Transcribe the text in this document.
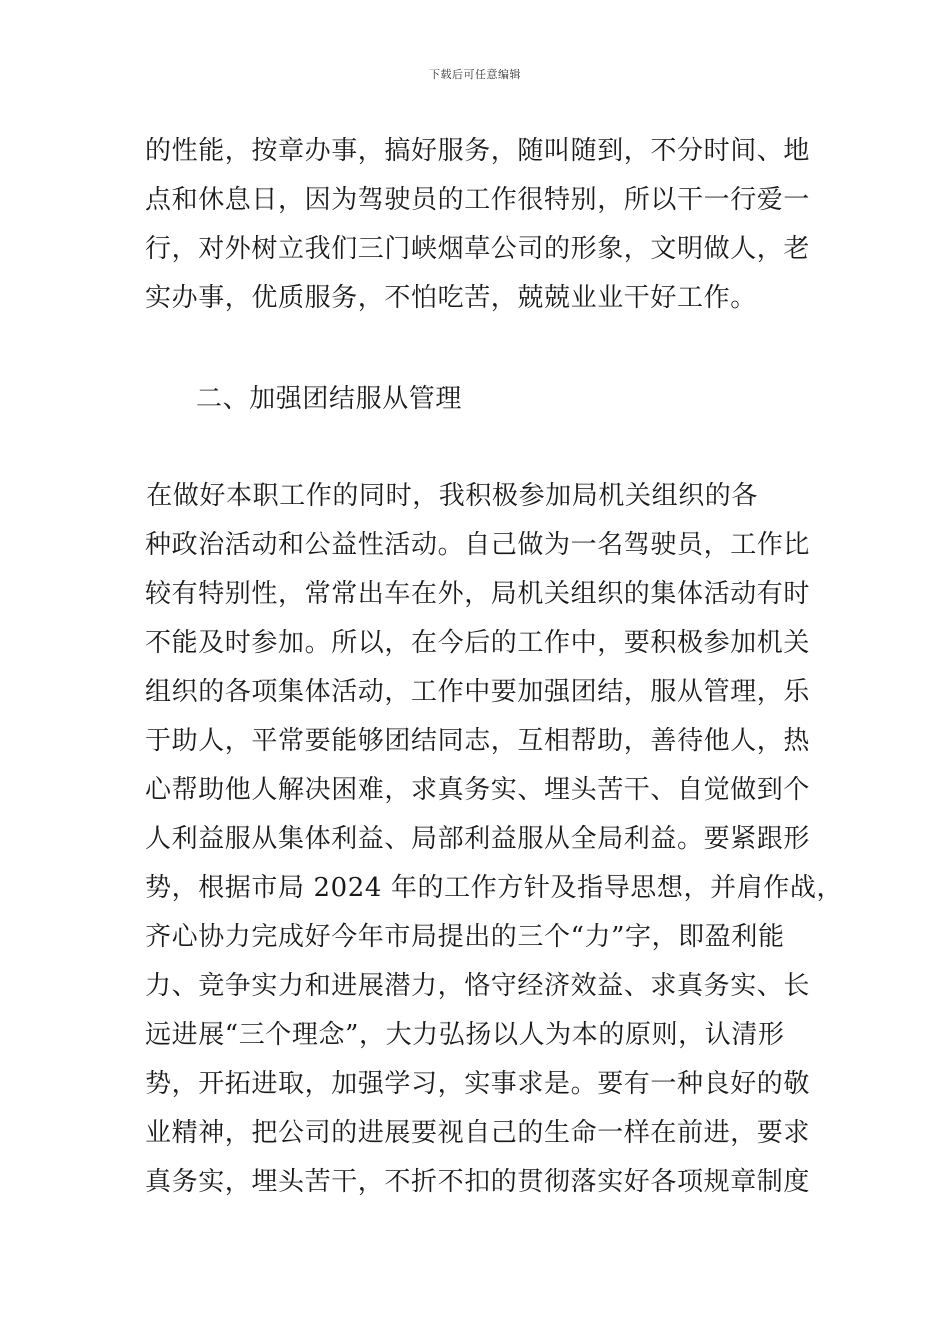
下载后可任意编辑
的性能，按章办事，搞好服务，随叫随到，不分时间、地
点和休息日，因为驾驶员的工作很特别，所以干一行爱一
行，对外树立我们三门峡烟草公司的形象，文明做人，老
实办事，优质服务，不怕吃苦，兢兢业业干好工作。
二、加强团结服从管理
　　在做好本职工作的同时，我积极参加局机关组织的各
种政治活动和公益性活动。自己做为一名驾驶员，工作比
较有特别性，常常出车在外，局机关组织的集体活动有时
不能及时参加。所以，在今后的工作中，要积极参加机关
组织的各项集体活动，工作中要加强团结，服从管理，乐
于助人，平常要能够团结同志，互相帮助，善待他人，热
心帮助他人解决困难，求真务实、埋头苦干、自觉做到个
人利益服从集体利益、局部利益服从全局利益。要紧跟形
势，根据市局 2024 年的工作方针及指导思想，并肩作战，
齐心协力完成好今年市局提出的三个“力”字，即盈利能
力、竞争实力和进展潜力，恪守经济效益、求真务实、长
远进展“三个理念”，大力弘扬以人为本的原则，认清形
势，开拓进取，加强学习，实事求是。要有一种良好的敬
业精神，把公司的进展要视自己的生命一样在前进，要求
真务实，埋头苦干，不折不扣的贯彻落实好各项规章制度
